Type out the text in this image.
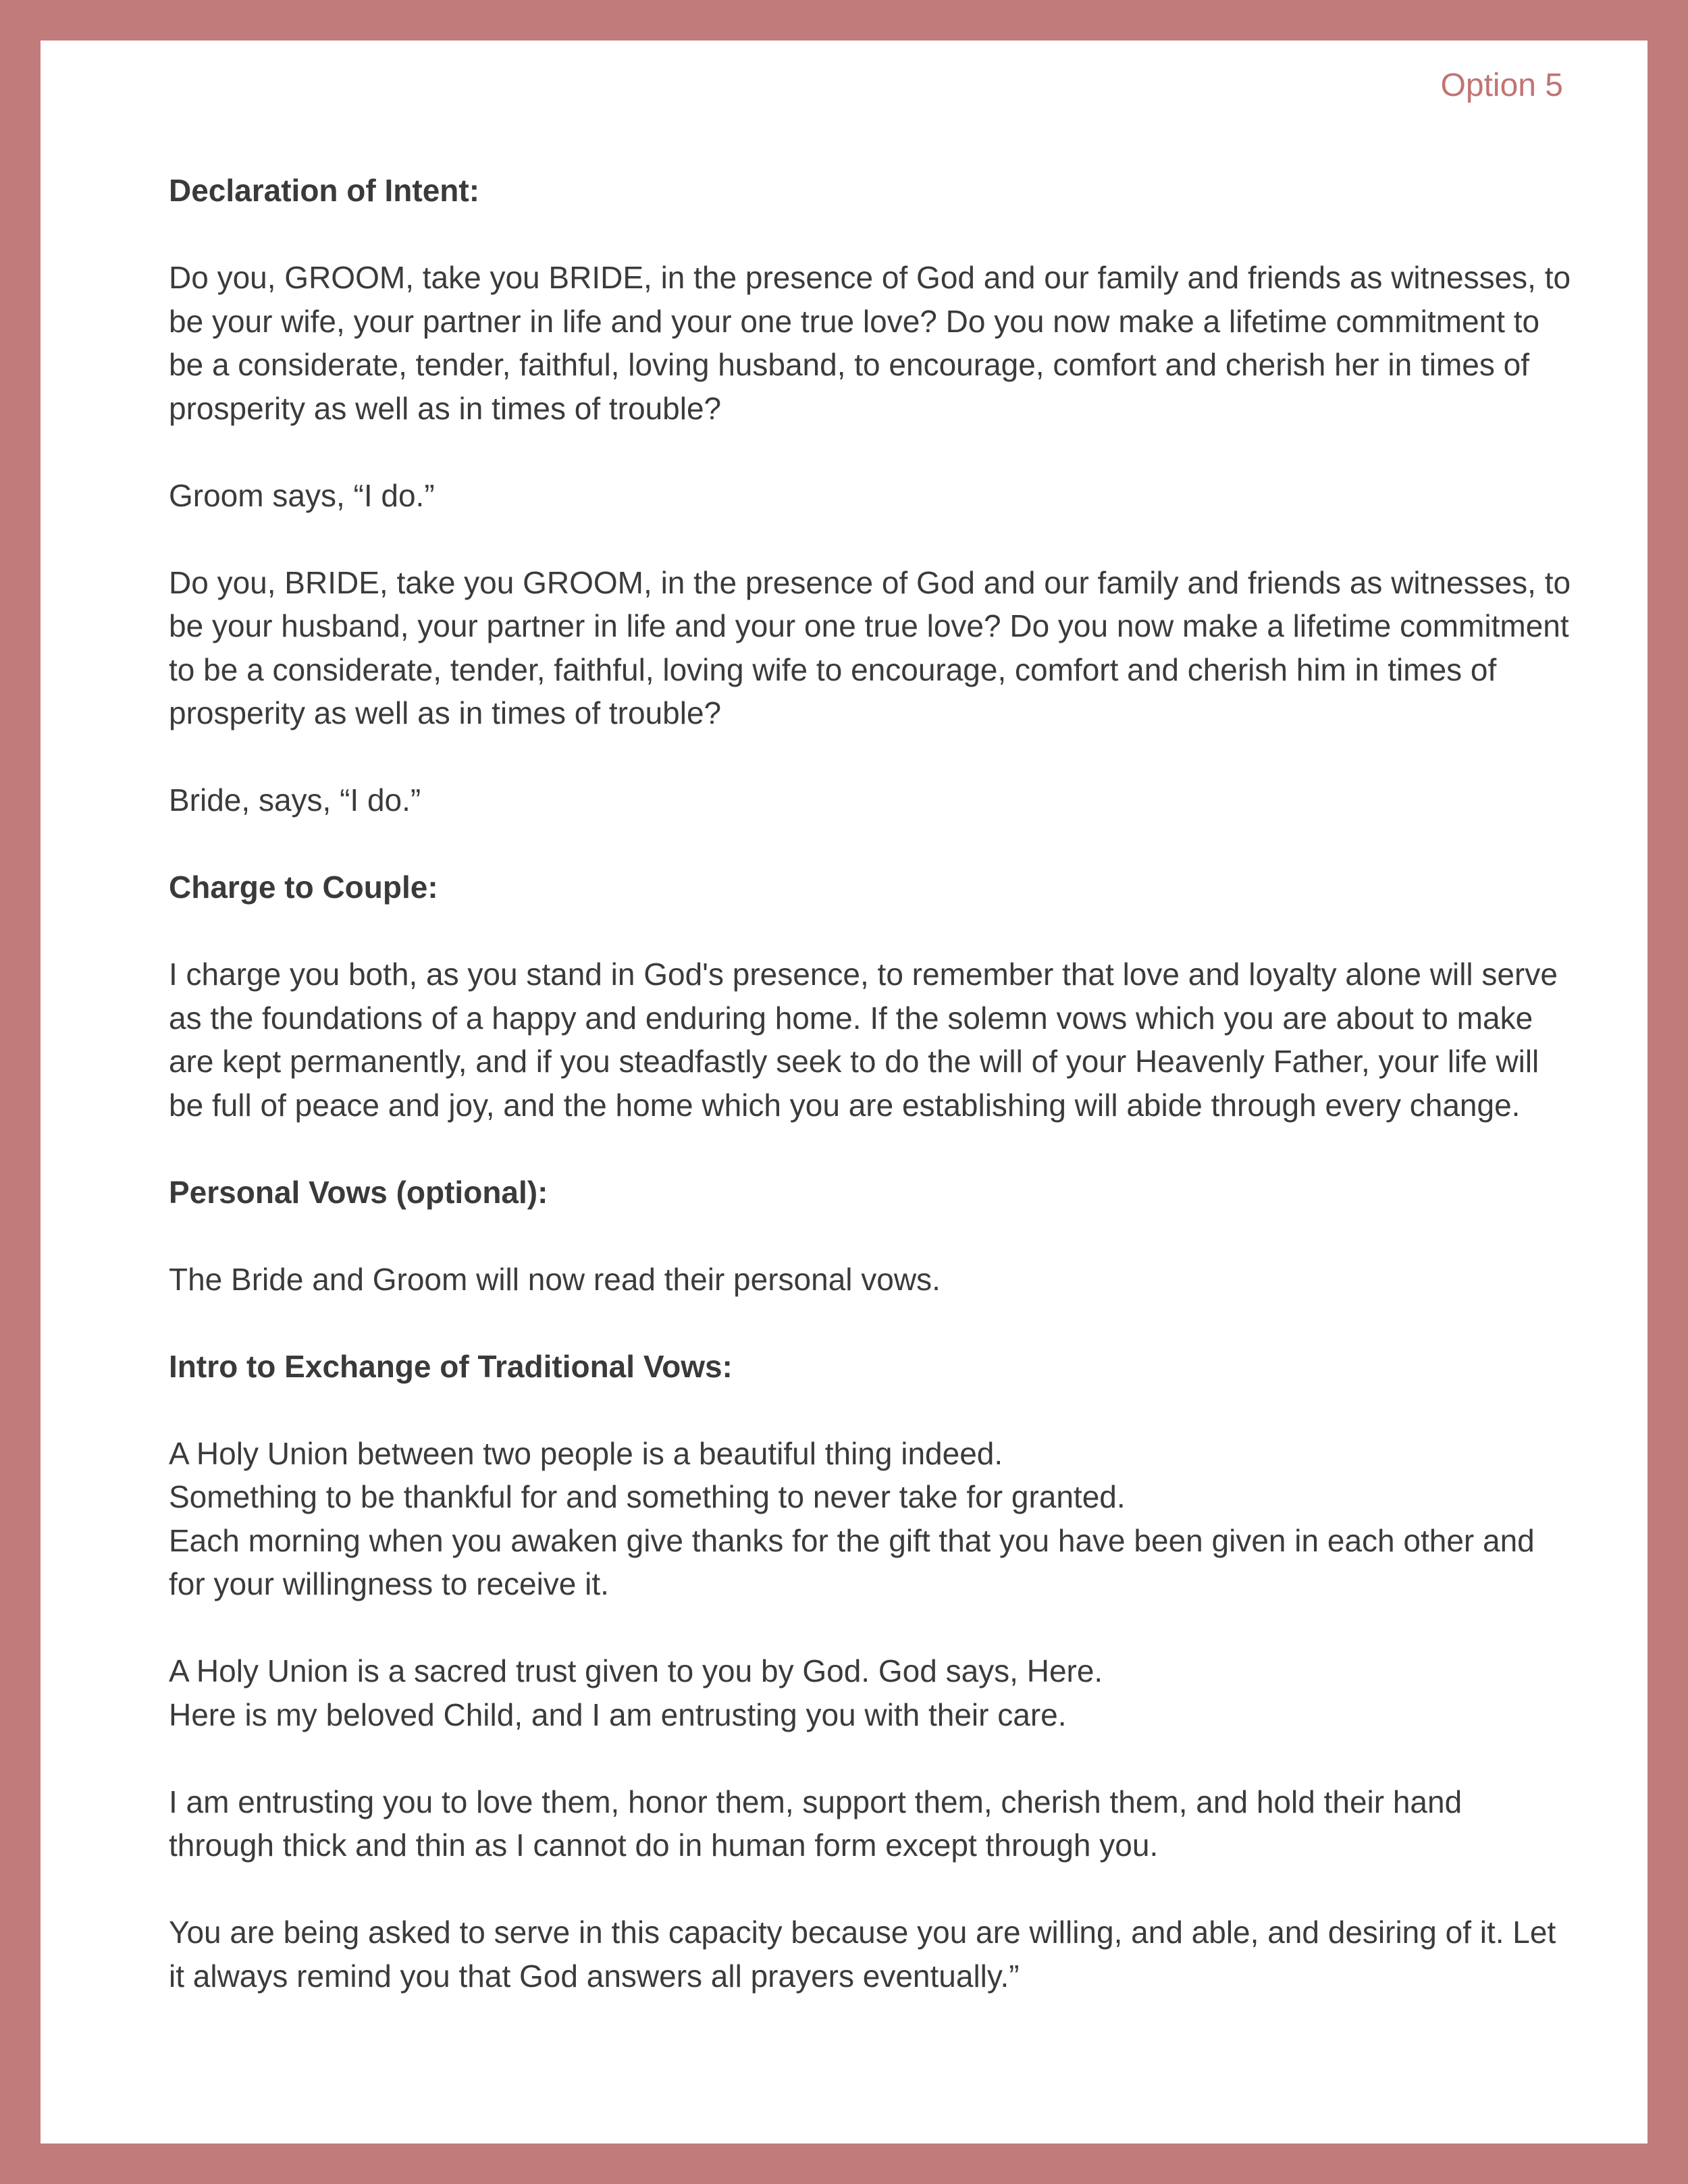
Option 5

Declaration of Intent:

Do you, GROOM, take you BRIDE, in the presence of God and our family and friends as witnesses, to be your wife, your partner in life and your one true love? Do you now make a lifetime commitment to be a considerate, tender, faithful, loving husband, to encourage, comfort and cherish her in times of prosperity as well as in times of trouble?

Groom says, “I do.”

Do you, BRIDE, take you GROOM, in the presence of God and our family and friends as witnesses, to be your husband, your partner in life and your one true love? Do you now make a lifetime commitment to be a considerate, tender, faithful, loving wife to encourage, comfort and cherish him in times of prosperity as well as in times of trouble?

Bride, says, “I do.”

Charge to Couple:

I charge you both, as you stand in God's presence, to remember that love and loyalty alone will serve as the foundations of a happy and enduring home. If the solemn vows which you are about to make are kept permanently, and if you steadfastly seek to do the will of your Heavenly Father, your life will be full of peace and joy, and the home which you are establishing will abide through every change.

Personal Vows (optional):

The Bride and Groom will now read their personal vows.

Intro to Exchange of Traditional Vows:

A Holy Union between two people is a beautiful thing indeed.

Something to be thankful for and something to never take for granted.

Each morning when you awaken give thanks for the gift that you have been given in each other and for your willingness to receive it.

A Holy Union is a sacred trust given to you by God. God says, Here.

Here is my beloved Child, and I am entrusting you with their care.

I am entrusting you to love them, honor them, support them, cherish them, and hold their hand through thick and thin as I cannot do in human form except through you.

You are being asked to serve in this capacity because you are willing, and able, and desiring of it. Let it always remind you that God answers all prayers eventually.”
